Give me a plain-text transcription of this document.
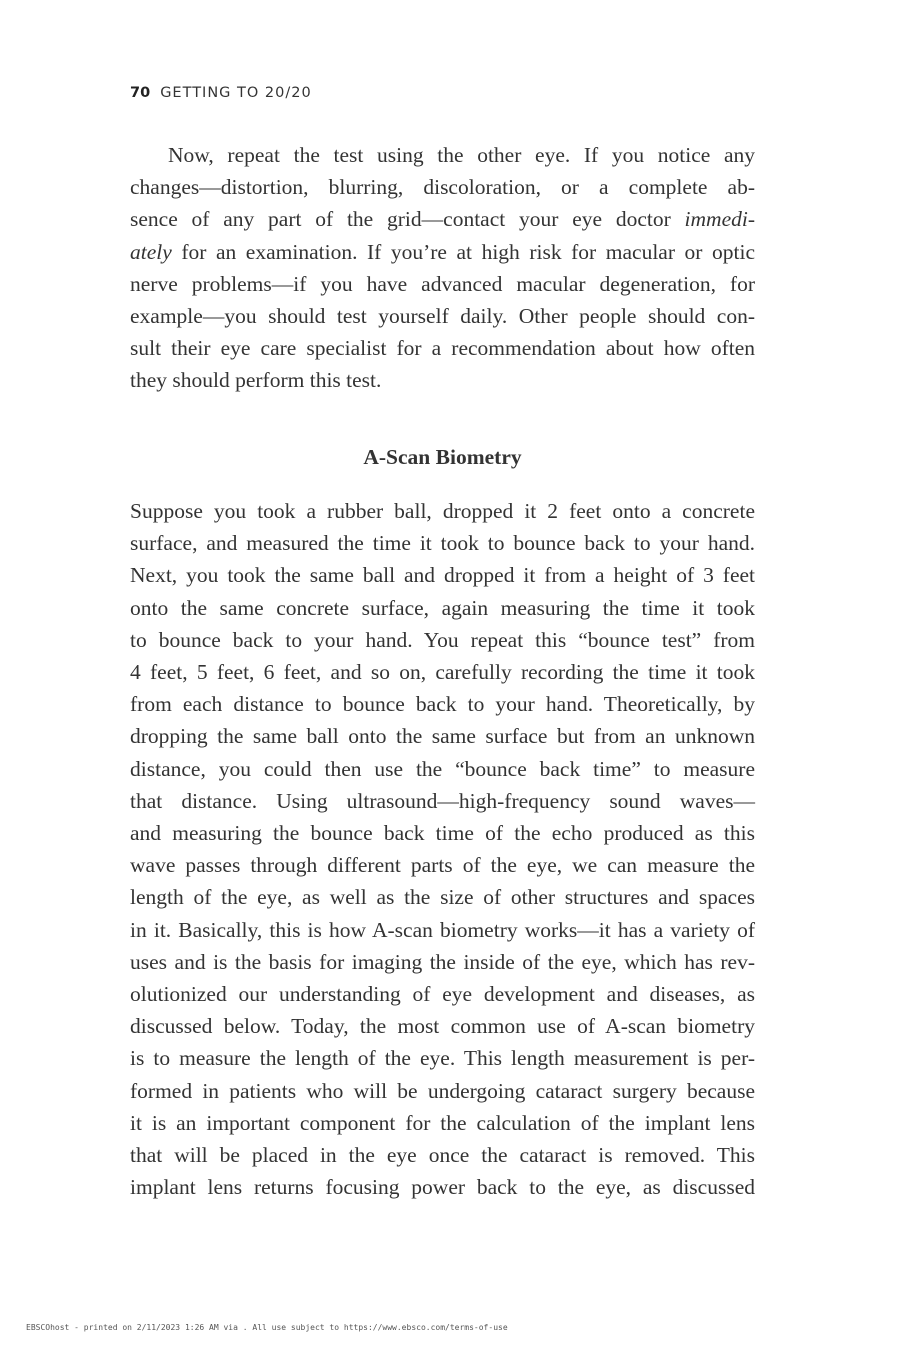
70 GETTING TO 20/20
Now, repeat the test using the other eye. If you notice any
changes—distortion, blurring, discoloration, or a complete ab-
sence of any part of the grid—contact your eye doctor immedi-
ately for an examination. If you’re at high risk for macular or optic
nerve problems—if you have advanced macular degeneration, for
example—you should test yourself daily. Other people should con-
sult their eye care specialist for a recommendation about how often
they should perform this test.
A-Scan Biometry
Suppose you took a rubber ball, dropped it 2 feet onto a concrete
surface, and measured the time it took to bounce back to your hand.
Next, you took the same ball and dropped it from a height of 3 feet
onto the same concrete surface, again measuring the time it took
to bounce back to your hand. You repeat this “bounce test” from
4 feet, 5 feet, 6 feet, and so on, carefully recording the time it took
from each distance to bounce back to your hand. Theoretically, by
dropping the same ball onto the same surface but from an unknown
distance, you could then use the “bounce back time” to measure
that distance. Using ultrasound—high-frequency sound waves—
and measuring the bounce back time of the echo produced as this
wave passes through different parts of the eye, we can measure the
length of the eye, as well as the size of other structures and spaces
in it. Basically, this is how A-scan biometry works—it has a variety of
uses and is the basis for imaging the inside of the eye, which has rev-
olutionized our understanding of eye development and diseases, as
discussed below. Today, the most common use of A-scan biometry
is to measure the length of the eye. This length measurement is per-
formed in patients who will be undergoing cataract surgery because
it is an important component for the calculation of the implant lens
that will be placed in the eye once the cataract is removed. This
implant lens returns focusing power back to the eye, as discussed
EBSCOhost - printed on 2/11/2023 1:26 AM via . All use subject to https://www.ebsco.com/terms-of-use
